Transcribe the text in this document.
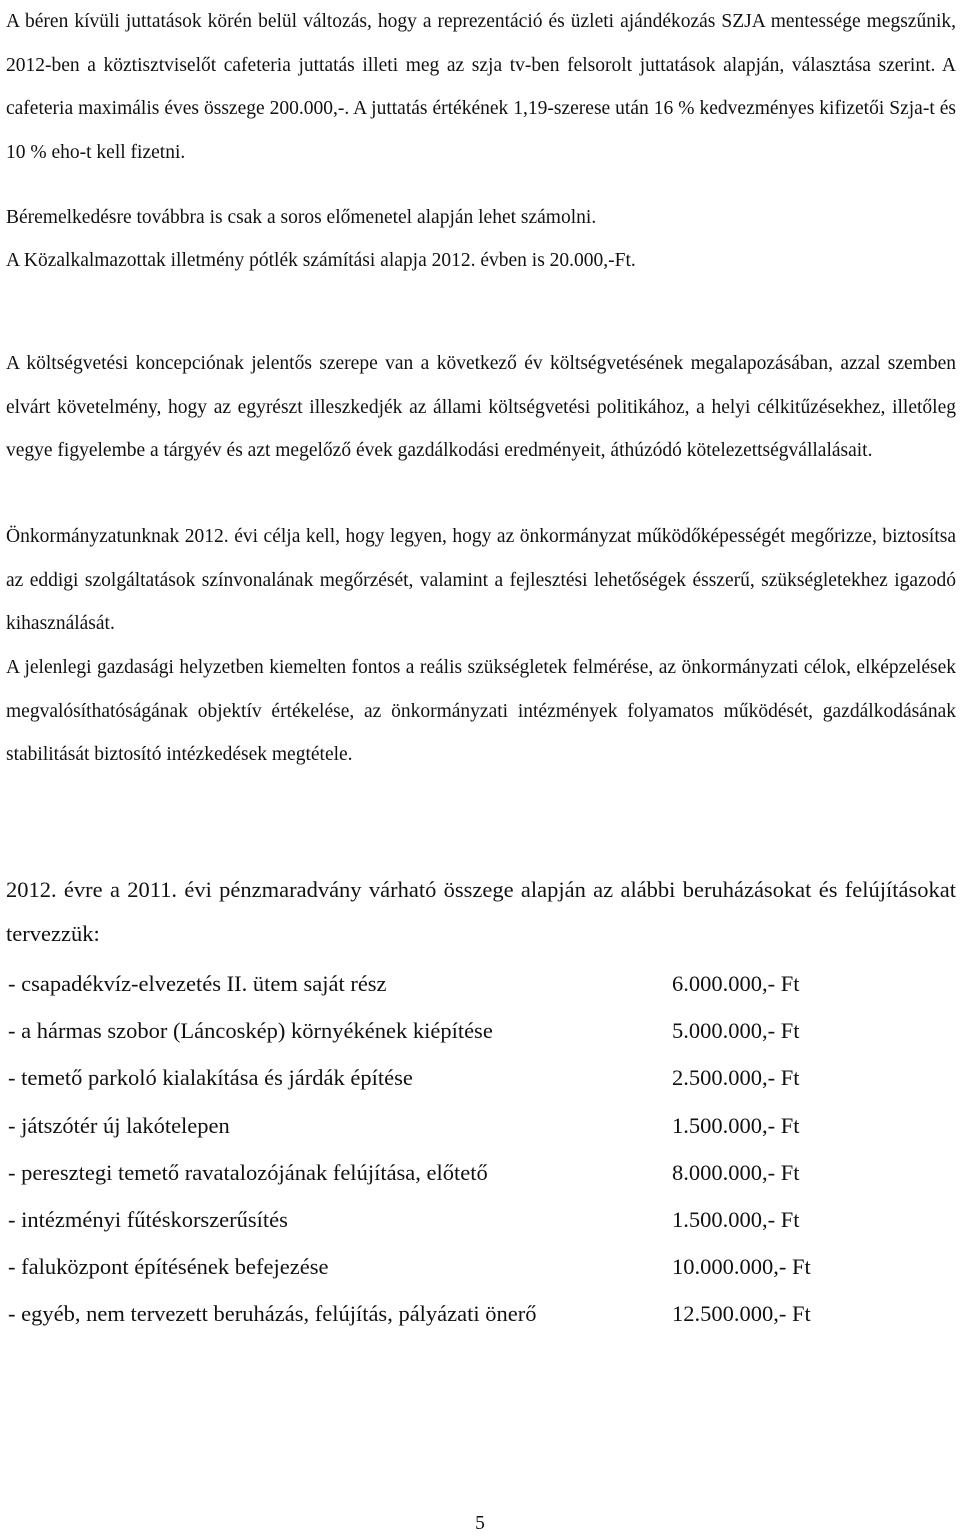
A béren kívüli juttatások körén belül változás, hogy a reprezentáció és üzleti ajándékozás SZJA mentessége megszűnik, 2012-ben a köztisztviselőt cafeteria juttatás illeti meg az szja tv-ben felsorolt juttatások alapján, választása szerint. A cafeteria maximális éves összege 200.000,-. A juttatás értékének 1,19-szerese után 16 % kedvezményes kifizetői Szja-t és 10 % eho-t kell fizetni.

Béremelkedésre továbbra is csak a soros előmenetel alapján lehet számolni.

A Közalkalmazottak illetmény pótlék számítási alapja 2012. évben is 20.000,-Ft.

A költségvetési koncepciónak jelentős szerepe van a következő év költségvetésének megalapozásában, azzal szemben elvárt követelmény, hogy az egyrészt illeszkedjék az állami költségvetési politikához, a helyi célkitűzésekhez, illetőleg vegye figyelembe a tárgyév és azt megelőző évek gazdálkodási eredményeit, áthúzódó kötelezettségvállalásait.

Önkormányzatunknak 2012. évi célja kell, hogy legyen, hogy az önkormányzat működőképességét megőrizze, biztosítsa az eddigi szolgáltatások színvonalának megőrzését, valamint a fejlesztési lehetőségek ésszerű, szükségletekhez igazodó kihasználását.

A jelenlegi gazdasági helyzetben kiemelten fontos a reális szükségletek felmérése, az önkormányzati célok, elképzelések megvalósíthatóságának objektív értékelése, az önkormányzati intézmények folyamatos működését, gazdálkodásának stabilitását biztosító intézkedések megtétele.

2012. évre a 2011. évi pénzmaradvány várható összege alapján az alábbi beruházásokat és felújításokat tervezzük:

- csapadékvíz-elvezetés II. ütem saját rész	6.000.000,- Ft
- a hármas szobor (Láncoskép) környékének kiépítése	5.000.000,- Ft
- temető parkoló kialakítása és járdák építése	2.500.000,- Ft
- játszótér új lakótelepen	1.500.000,- Ft
- peresztegi temető ravatalozójának felújítása, előtető	8.000.000,- Ft
- intézményi fűtéskorszerűsítés	1.500.000,- Ft
- faluközpont építésének befejezése	10.000.000,- Ft
- egyéb, nem tervezett beruházás, felújítás, pályázati önerő	12.500.000,- Ft
5
